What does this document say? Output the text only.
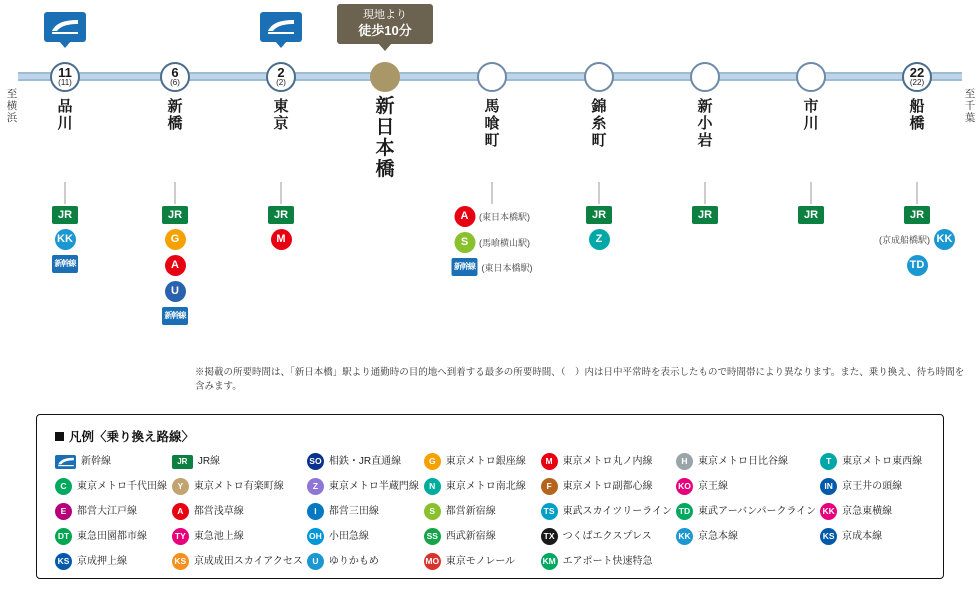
至横浜
至千葉
11
(11)
品川
JR
KK
新幹線
6
(6)
新橋
JR
G
A
U
新幹線
2
(2)
東京
JR
M
現地より
徒歩10分
新日本橋
馬喰町
A	(東日本橋駅)
S	(馬喰横山駅)
新幹線 (東日本橋駅)
錦糸町
JR
Z
新小岩
JR
市川
JR
22
(22)
船橋
JR
(京成船橋駅) KK
TD
※掲載の所要時間は、「新日本橋」駅より通勤時の目的地へ到着する最多の所要時間、（　）内は日中平常時を表示したもので時間帯により異なります。また、乗り換え、待ち時間を含みます。
凡例〈乗り換え路線〉
新幹線	JR	JR線	SO 相鉄・JR直通線	G	東京メトロ銀座線	M 東京メトロ丸ノ内線	H	東京メトロ日比谷線	T	東京メトロ東西線
C	東京メトロ千代田線	Y	東京メトロ有楽町線	Z	東京メトロ半蔵門線	N	東京メトロ南北線	F	東京メトロ副都心線	KO 京王線	IN 京王井の頭線
E	都営大江戸線	A	都営浅草線	I	都営三田線	S	都営新宿線	TS 東武スカイツリーライン TD 東武アーバンパークライン KK 京急東横線
DT 東急田園都市線	TY 東急池上線	OH 小田急線	SS 西武新宿線	TX つくばエクスプレス	KK 京急本線	KS 京成本線
KS 京成押上線	KS 京成成田スカイアクセス	U	ゆりかもめ	MO 東京モノレール	KM エアポート快速特急
